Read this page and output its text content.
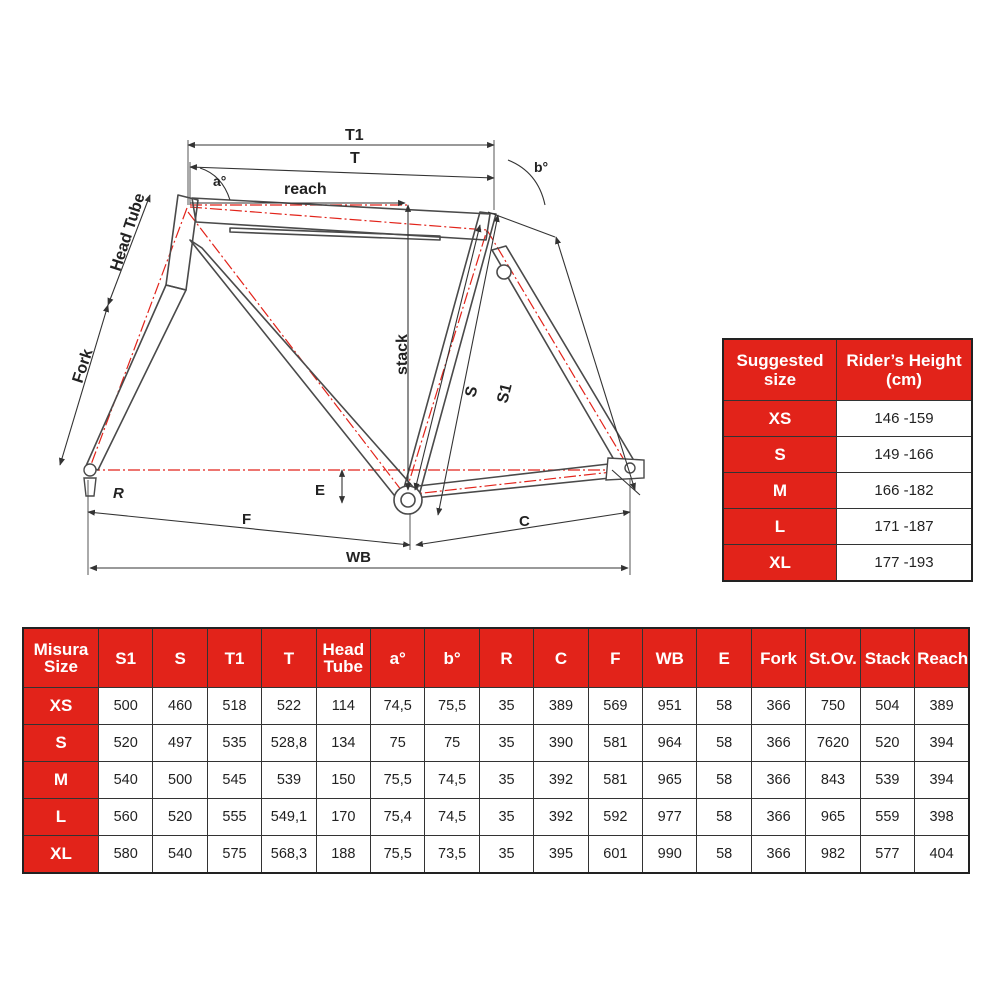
T1
T
reach
a°
b°
Head Tube
Fork	stack
S S1
E
R
F	C
WB
Suggested size	Rider’s Height (cm)
XS	146 -159
S	149 -166
M	166 -182
L	171 -187
XL	177 -193
Misura Size	S1	S	T1	T	Head Tube	a°	b°	R	C	F	WB	E	Fork	St.Ov.	Stack	Reach
XS	500	460	518	522	114	74,5	75,5	35	389	569	951	58	366	750	504	389
S	520	497	535	528,8	134	75	75	35	390	581	964	58	366	7620	520	394
M	540	500	545	539	150	75,5	74,5	35	392	581	965	58	366	843	539	394
L	560	520	555	549,1	170	75,4	74,5	35	392	592	977	58	366	965	559	398
XL	580	540	575	568,3	188	75,5	73,5	35	395	601	990	58	366	982	577	404
